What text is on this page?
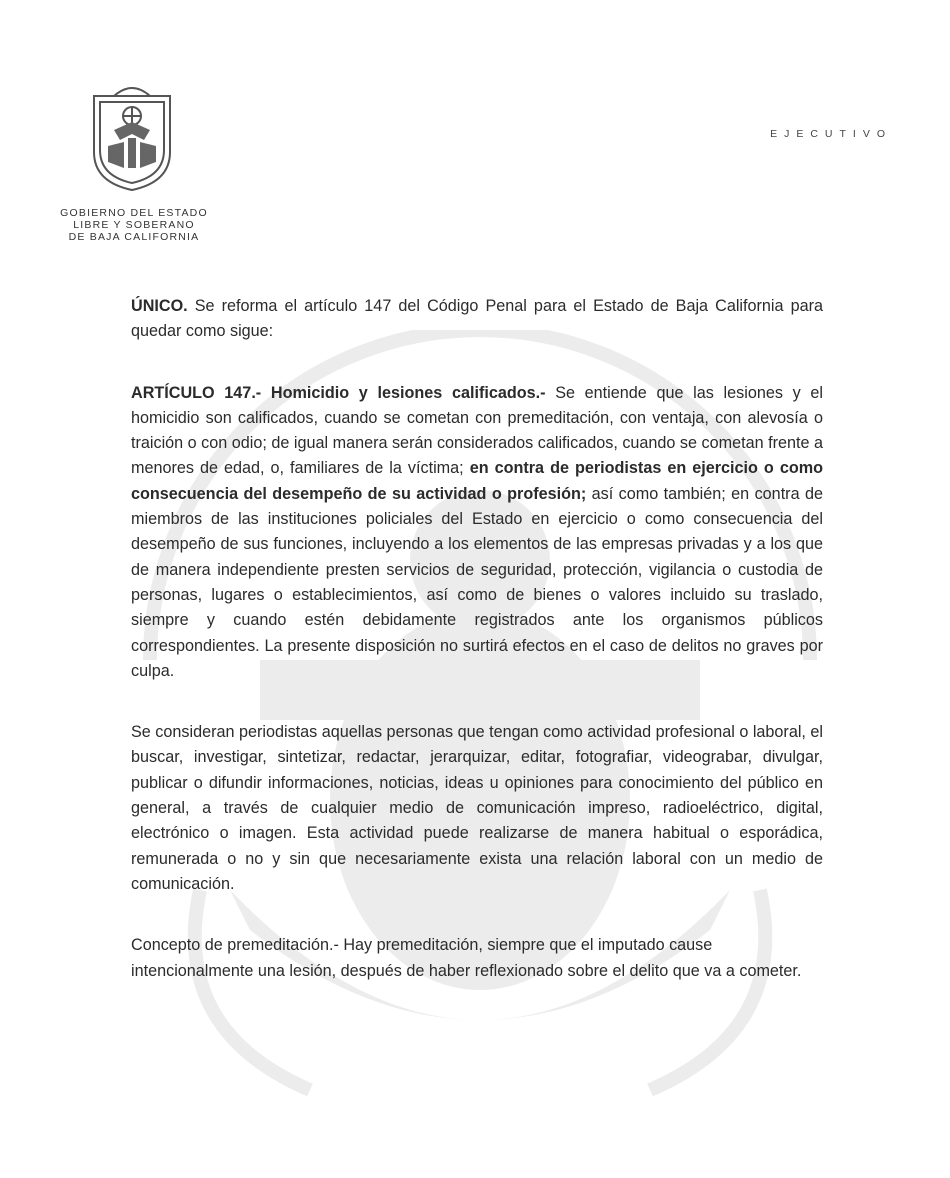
GOBIERNO DEL ESTADO
LIBRE Y SOBERANO
DE BAJA CALIFORNIA
EJECUTIVO

ÚNICO. Se reforma el artículo 147 del Código Penal para el Estado de Baja California para quedar como sigue:

ARTÍCULO 147.- Homicidio y lesiones calificados.- Se entiende que las lesiones y el homicidio son calificados, cuando se cometan con premeditación, con ventaja, con alevosía o traición o con odio; de igual manera serán considerados calificados, cuando se cometan frente a menores de edad, o, familiares de la víctima; en contra de periodistas en ejercicio o como consecuencia del desempeño de su actividad o profesión; así como también; en contra de miembros de las instituciones policiales del Estado en ejercicio o como consecuencia del desempeño de sus funciones, incluyendo a los elementos de las empresas privadas y a los que de manera independiente presten servicios de seguridad, protección, vigilancia o custodia de personas, lugares o establecimientos, así como de bienes o valores incluido su traslado, siempre y cuando estén debidamente registrados ante los organismos públicos correspondientes. La presente disposición no surtirá efectos en el caso de delitos no graves por culpa.

Se consideran periodistas aquellas personas que tengan como actividad profesional o laboral, el buscar, investigar, sintetizar, redactar, jerarquizar, editar, fotografiar, videograbar, divulgar, publicar o difundir informaciones, noticias, ideas u opiniones para conocimiento del público en general, a través de cualquier medio de comunicación impreso, radioeléctrico, digital, electrónico o imagen. Esta actividad puede realizarse de manera habitual o esporádica, remunerada o no y sin que necesariamente exista una relación laboral con un medio de comunicación.

Concepto de premeditación.- Hay premeditación, siempre que el imputado cause intencionalmente una lesión, después de haber reflexionado sobre el delito que va a cometer.
